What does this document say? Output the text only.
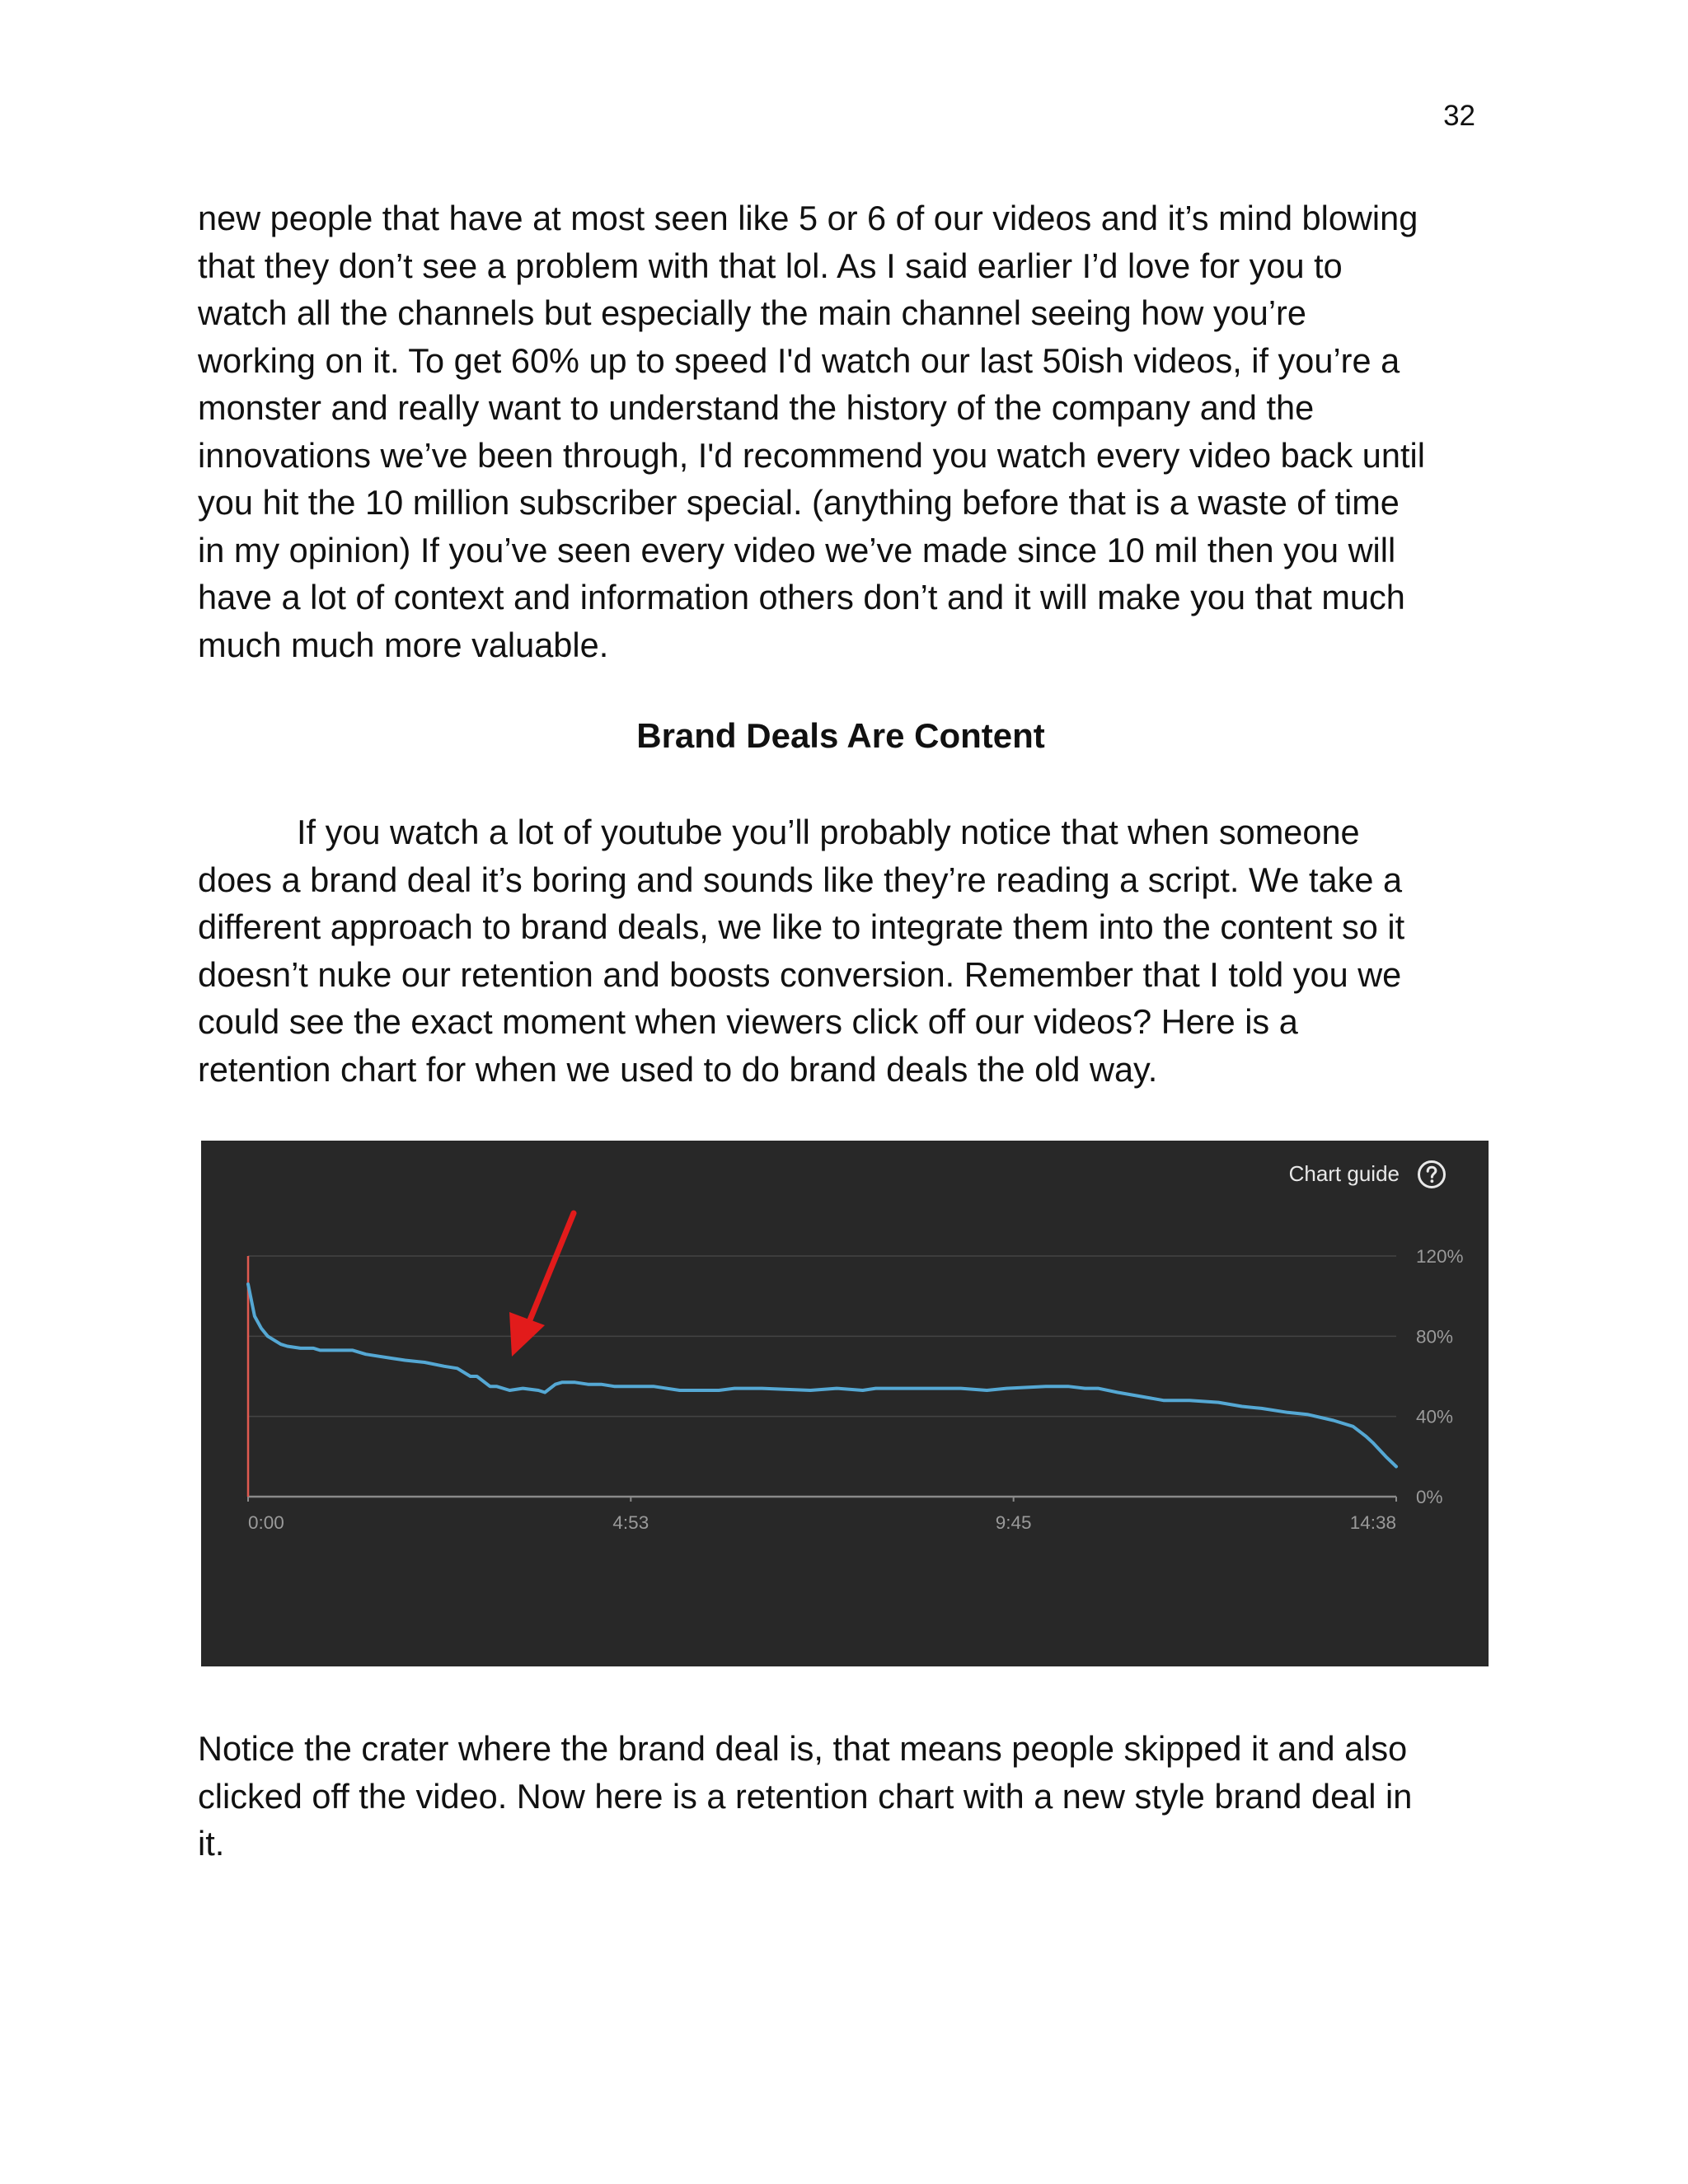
32
new people that have at most seen like 5 or 6 of our videos and it’s mind blowing
that they don’t see a problem with that lol. As I said earlier I’d love for you to
watch all the channels but especially the main channel seeing how you’re
working on it. To get 60% up to speed I'd watch our last 50ish videos, if you’re a
monster and really want to understand the history of the company and the
innovations we’ve been through, I'd recommend you watch every video back until
you hit the 10 million subscriber special. (anything before that is a waste of time
in my opinion) If you’ve seen every video we’ve made since 10 mil then you will
have a lot of context and information others don’t and it will make you that much
much much more valuable.
Brand Deals Are Content
If you watch a lot of youtube you’ll probably notice that when someone
does a brand deal it’s boring and sounds like they’re reading a script. We take a
different approach to brand deals, we like to integrate them into the content so it
doesn’t nuke our retention and boosts conversion. Remember that I told you we
could see the exact moment when viewers click off our videos? Here is a
retention chart for when we used to do brand deals the old way.
Chart guide
120%
80%
40%
0%
0:00	4:53	9:45	14:38
Notice the crater where the brand deal is, that means people skipped it and also
clicked off the video. Now here is a retention chart with a new style brand deal in
it.
